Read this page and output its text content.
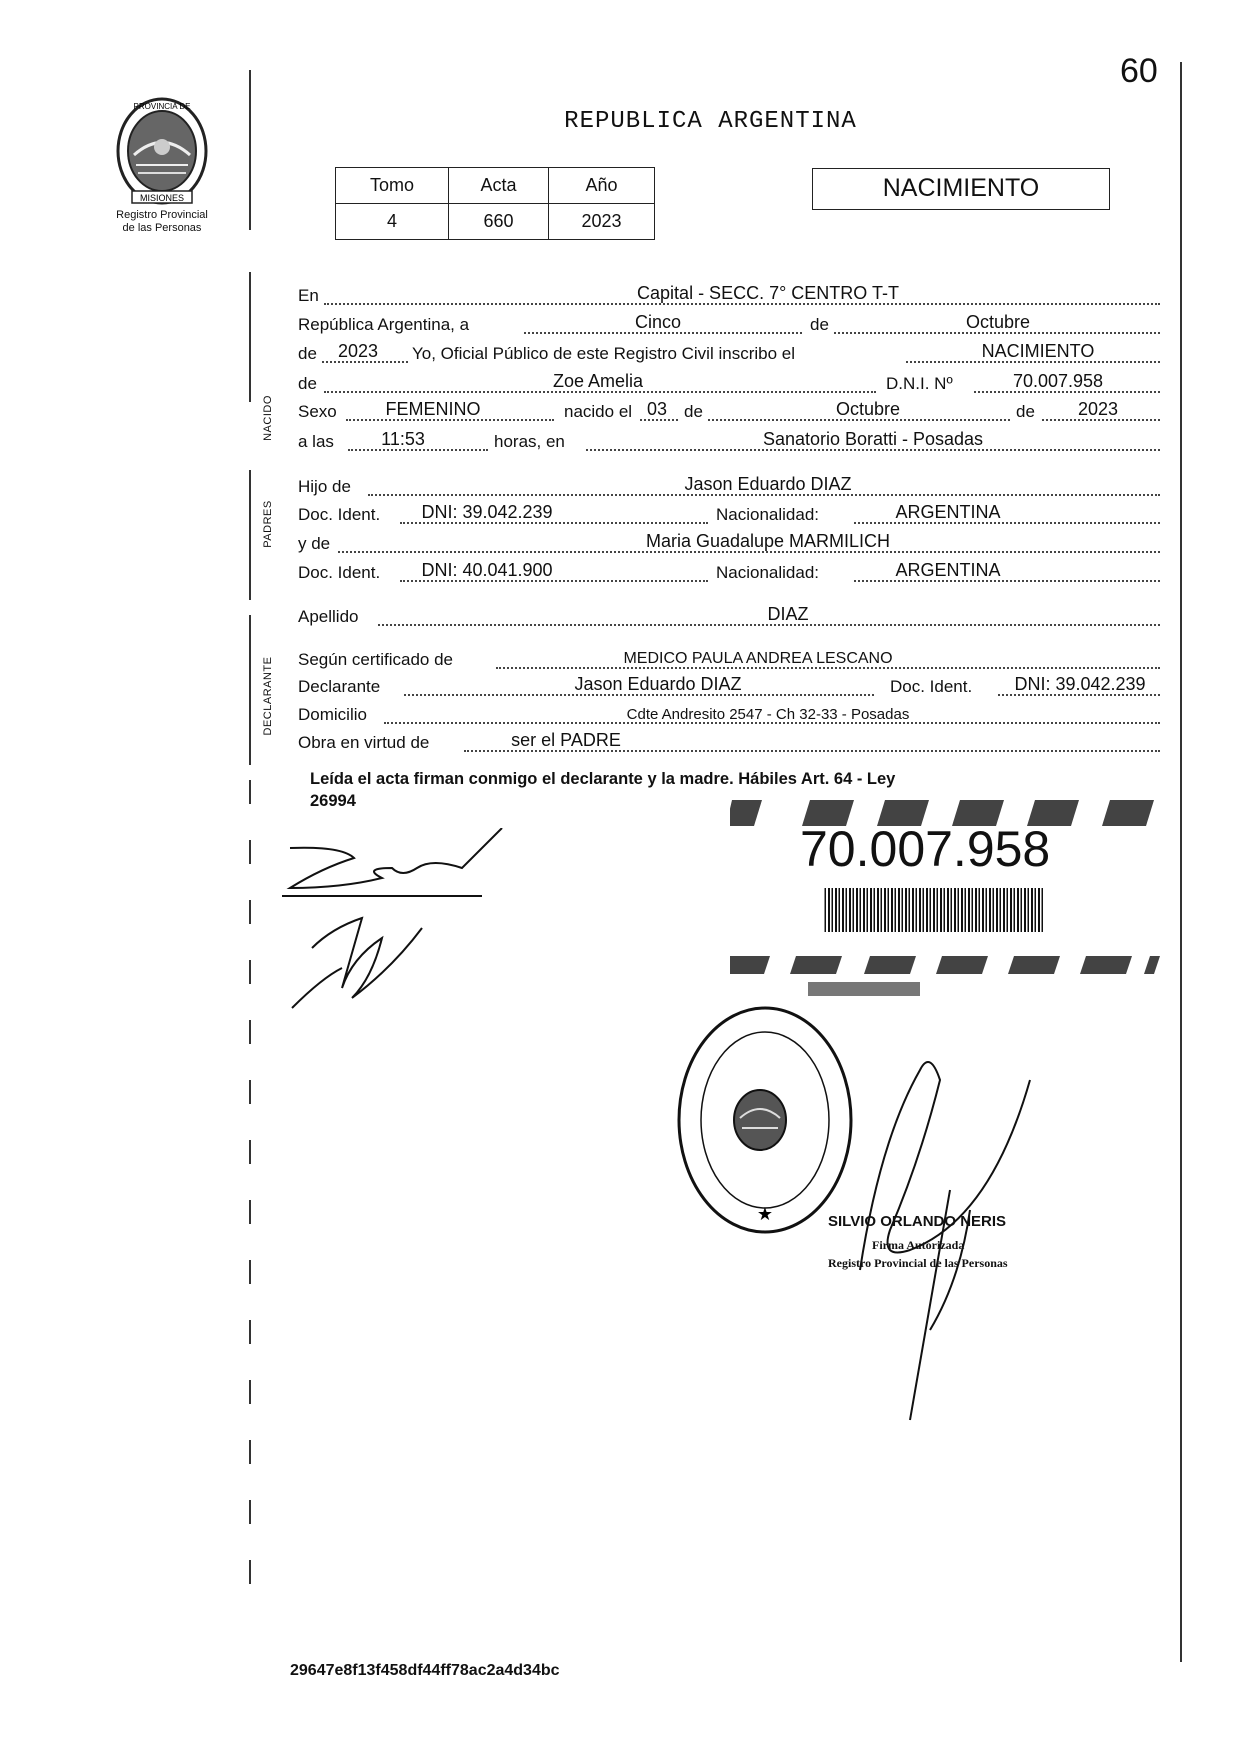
60
MISIONES
PROVINCIA DE
Registro Provincial
de las Personas
REPUBLICA ARGENTINA
Tomo	Acta	Año
4	660	2023
NACIMIENTO
NACIDO
PADRES
DECLARANTE
En	Capital - SECC. 7° CENTRO T-T
República Argentina, a	Cinco	de	Octubre
de	2023	Yo, Oficial Público de este Registro Civil inscribo el	NACIMIENTO
de	Zoe Amelia	D.N.I. Nº	70.007.958
Sexo	FEMENINO	nacido el 03 de	Octubre	de	2023
a las	11:53	horas, en	Sanatorio Boratti - Posadas
Hijo de	Jason Eduardo DIAZ
Doc. Ident.	DNI: 39.042.239	Nacionalidad:	ARGENTINA
y de	Maria Guadalupe MARMILICH
Doc. Ident.	DNI: 40.041.900	Nacionalidad:	ARGENTINA
Apellido	DIAZ
Según certificado de	MEDICO PAULA ANDREA LESCANO
Declarante	Jason Eduardo DIAZ	Doc. Ident.	DNI: 39.042.239
Domicilio	Cdte Andresito 2547 - Ch 32-33 - Posadas
Obra en virtud de	ser el PADRE
Leída el acta firman conmigo el declarante y la madre. Hábiles Art. 64 - Ley
26994
70.007.958
★	SILVIO ORLANDO NERIS
Firma Autorizada
Registro Provincial de las Personas
29647e8f13f458df44ff78ac2a4d34bc
